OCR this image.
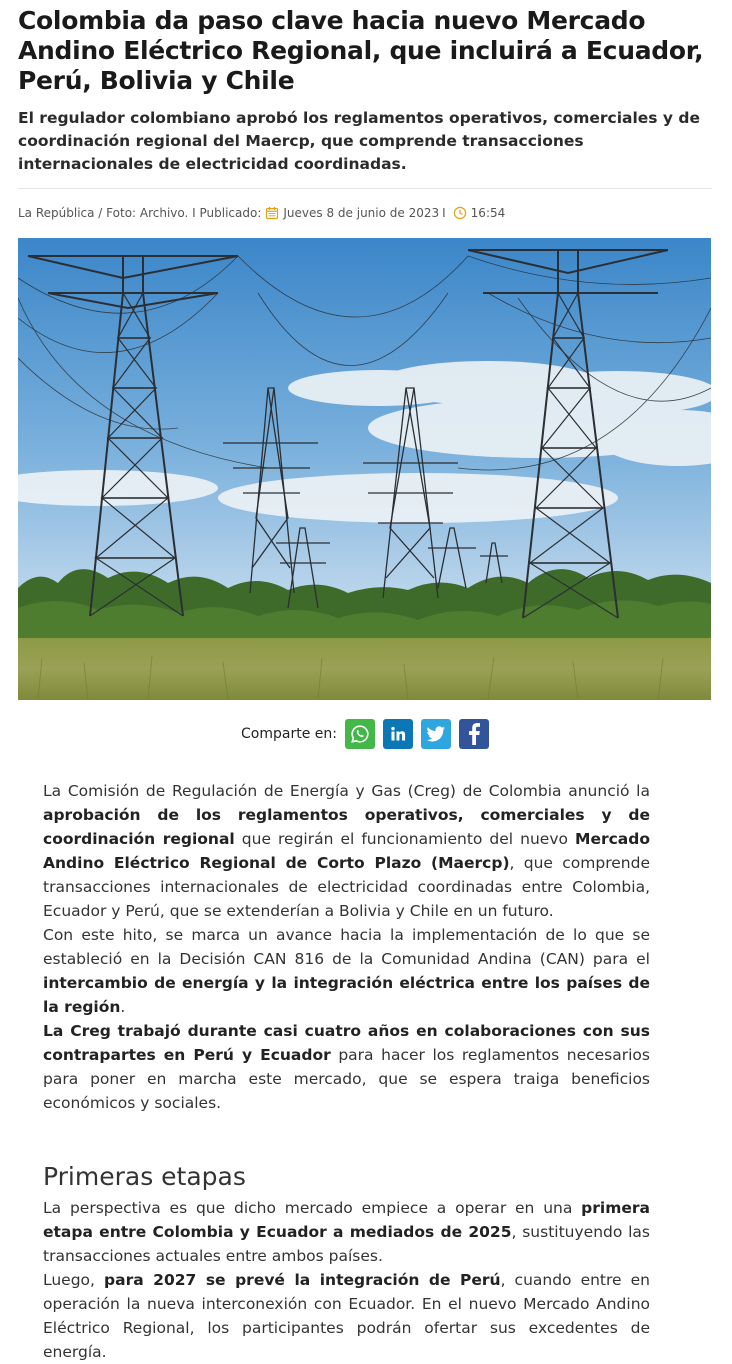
Colombia da paso clave hacia nuevo Mercado Andino Eléctrico Regional, que incluirá a Ecuador, Perú, Bolivia y Chile

El regulador colombiano aprobó los reglamentos operativos, comerciales y de coordinación regional del Maercp, que comprende transacciones internacionales de electricidad coordinadas.

La República / Foto: Archivo. I Publicado: Jueves 8 de junio de 2023 I 16:54
Comparte en:

La Comisión de Regulación de Energía y Gas (Creg) de Colombia anunció la aprobación de los reglamentos operativos, comerciales y de coordinación regional que regirán el funcionamiento del nuevo Mercado Andino Eléctrico Regional de Corto Plazo (Maercp), que comprende transacciones internacionales de electricidad coordinadas entre Colombia, Ecuador y Perú, que se extenderían a Bolivia y Chile en un futuro.

Con este hito, se marca un avance hacia la implementación de lo que se estableció en la Decisión CAN 816 de la Comunidad Andina (CAN) para el intercambio de energía y la integración eléctrica entre los países de la región.

La Creg trabajó durante casi cuatro años en colaboraciones con sus contrapartes en Perú y Ecuador para hacer los reglamentos necesarios para poner en marcha este mercado, que se espera traiga beneficios económicos y sociales.

Primeras etapas

La perspectiva es que dicho mercado empiece a operar en una primera etapa entre Colombia y Ecuador a mediados de 2025, sustituyendo las transacciones actuales entre ambos países.

Luego, para 2027 se prevé la integración de Perú, cuando entre en operación la nueva interconexión con Ecuador. En el nuevo Mercado Andino Eléctrico Regional, los participantes podrán ofertar sus excedentes de energía.
